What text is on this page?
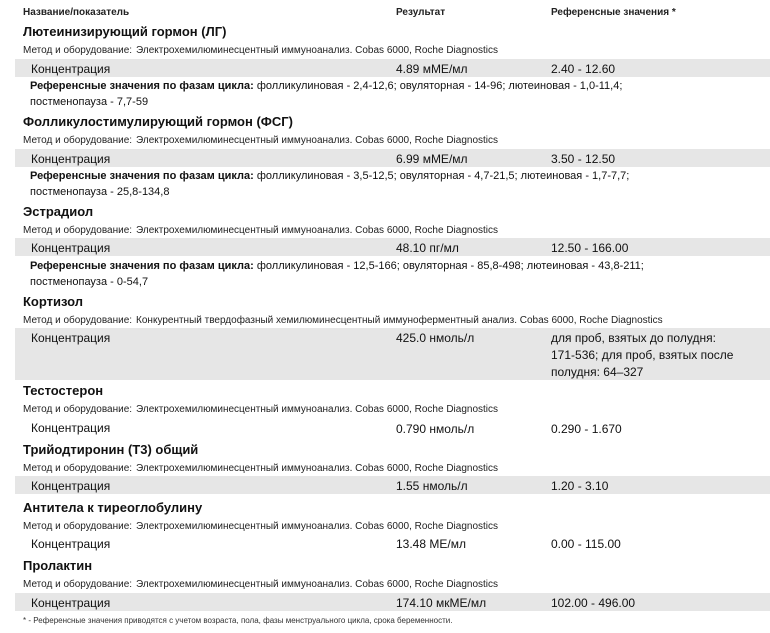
Название/показатель	Результат	Референсные значения *
Лютеинизирующий гормон (ЛГ)
Метод и оборудование: Электрохемилюминесцентный иммуноанализ. Cobas 6000, Roche Diagnostics
Концентрация	4.89 мМЕ/мл	2.40 - 12.60
Референсные значения по фазам цикла: фолликулиновая - 2,4-12,6; овуляторная - 14-96; лютеиновая - 1,0-11,4;
постменопауза - 7,7-59
Фолликулостимулирующий гормон (ФСГ)
Метод и оборудование: Электрохемилюминесцентный иммуноанализ. Cobas 6000, Roche Diagnostics
Концентрация	6.99 мМЕ/мл	3.50 - 12.50
Референсные значения по фазам цикла: фолликулиновая - 3,5-12,5; овуляторная - 4,7-21,5; лютеиновая - 1,7-7,7;
постменопауза - 25,8-134,8
Эстрадиол
Метод и оборудование: Электрохемилюминесцентный иммуноанализ. Cobas 6000, Roche Diagnostics
Концентрация	48.10 пг/мл	12.50 - 166.00
Референсные значения по фазам цикла: фолликулиновая - 12,5-166; овуляторная - 85,8-498; лютеиновая - 43,8-211;
постменопауза - 0-54,7
Кортизол
Метод и оборудование: Конкурентный твердофазный хемилюминесцентный иммуноферментный анализ. Cobas 6000, Roche Diagnostics
Концентрация	425.0 нмоль/л	для проб, взятых до полудня: 171-536; для проб, взятых после полудня: 64–327
Тестостерон
Метод и оборудование: Электрохемилюминесцентный иммуноанализ. Cobas 6000, Roche Diagnostics
Концентрация	0.790 нмоль/л	0.290 - 1.670
Трийодтиронин (Т3) общий
Метод и оборудование: Электрохемилюминесцентный иммуноанализ. Cobas 6000, Roche Diagnostics
Концентрация	1.55 нмоль/л	1.20 - 3.10
Антитела к тиреоглобулину
Метод и оборудование: Электрохемилюминесцентный иммуноанализ. Cobas 6000, Roche Diagnostics
Концентрация	13.48 МЕ/мл	0.00 - 115.00
Пролактин
Метод и оборудование: Электрохемилюминесцентный иммуноанализ. Cobas 6000, Roche Diagnostics
Концентрация	174.10 мкМЕ/мл	102.00 - 496.00
* - Референсные значения приводятся с учетом возраста, пола, фазы менструального цикла, срока беременности.
